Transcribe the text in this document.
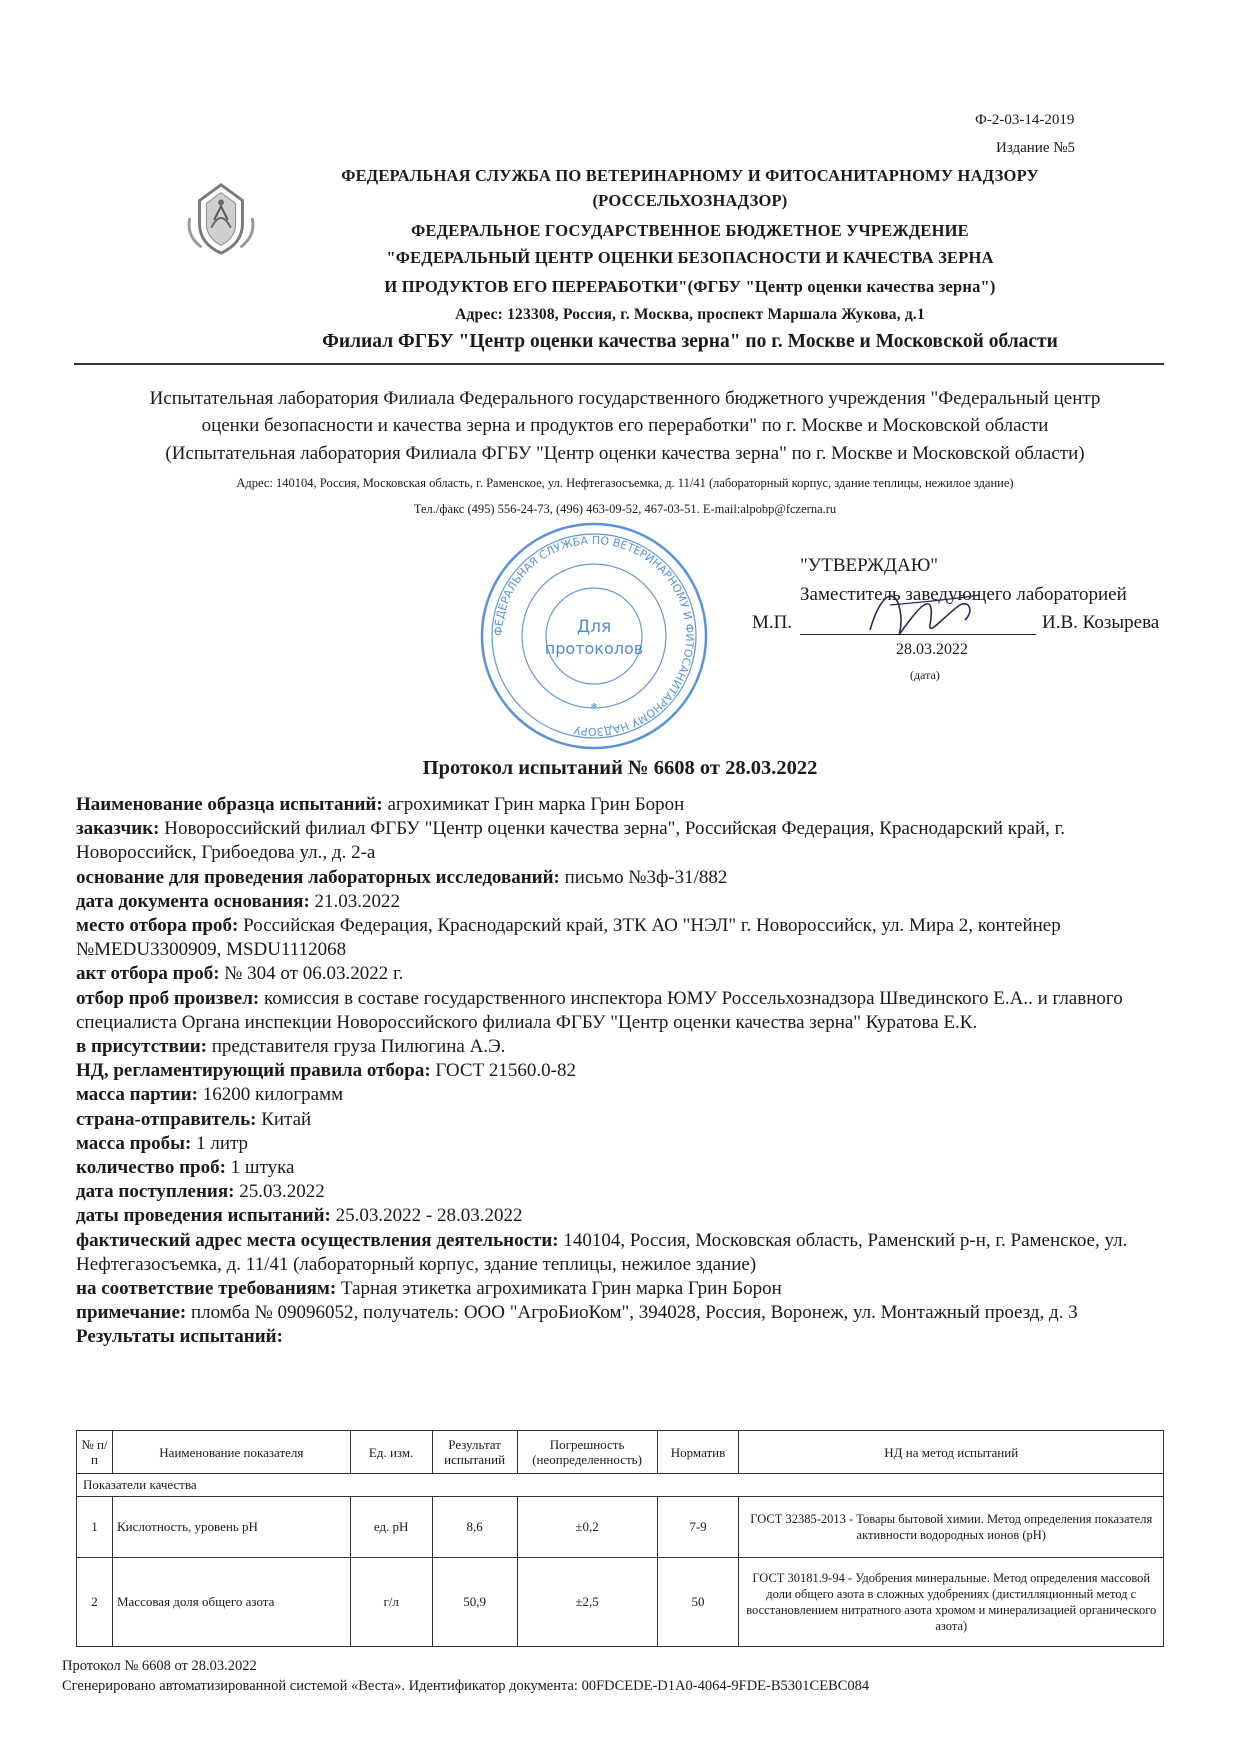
Ф-2-03-14-2019
Издание №5
ФЕДЕРАЛЬНАЯ СЛУЖБА ПО ВЕТЕРИНАРНОМУ И ФИТОСАНИТАРНОМУ НАДЗОРУ
(РОССЕЛЬХОЗНАДЗОР)
ФЕДЕРАЛЬНОЕ ГОСУДАРСТВЕННОЕ БЮДЖЕТНОЕ УЧРЕЖДЕНИЕ
"ФЕДЕРАЛЬНЫЙ ЦЕНТР ОЦЕНКИ БЕЗОПАСНОСТИ И КАЧЕСТВА ЗЕРНА
И ПРОДУКТОВ ЕГО ПЕРЕРАБОТКИ"(ФГБУ "Центр оценки качества зерна")
Адрес: 123308, Россия, г. Москва, проспект Маршала Жукова, д.1
Филиал ФГБУ "Центр оценки качества зерна" по г. Москве и Московской области
Испытательная лаборатория Филиала Федерального государственного бюджетного учреждения "Федеральный центр
оценки безопасности и качества зерна и продуктов его переработки" по г. Москве и Московской области
(Испытательная лаборатория Филиала ФГБУ "Центр оценки качества зерна" по г. Москве и Московской области)
Адрес: 140104, Россия, Московская область, г. Раменское, ул. Нефтегазосъемка, д. 11/41 (лабораторный корпус, здание теплицы, нежилое здание)
Тел./факс (495) 556-24-73, (496) 463-09-52, 467-03-51. E-mail:alpobp@fczerna.ru
ФЕДЕРАЛЬНАЯ СЛУЖБА ПО ВЕТЕРИНАРНОМУ И ФИТОСАНИТАРНОМУ НАДЗОРУ
Для
протоколов
*
"УТВЕРЖДАЮ"
Заместитель заведующего лабораторией
М.П.	И.В. Козырева
28.03.2022
(дата)
Протокол испытаний № 6608 от 28.03.2022

Наименование образца испытаний: агрохимикат Грин марка Грин Борон

заказчик: Новороссийский филиал ФГБУ "Центр оценки качества зерна", Российская Федерация, Краснодарский край, г. Новороссийск, Грибоедова ул., д. 2-а

основание для проведения лабораторных исследований: письмо №3ф-31/882

дата документа основания: 21.03.2022

место отбора проб: Российская Федерация, Краснодарский край, ЗТК АО "НЭЛ" г. Новороссийск, ул. Мира 2, контейнер №MEDU3300909, MSDU1112068

акт отбора проб: № 304 от 06.03.2022 г.

отбор проб произвел: комиссия в составе государственного инспектора ЮМУ Россельхознадзора Швединского Е.А.. и главного специалиста Органа инспекции Новороссийского филиала ФГБУ "Центр оценки качества зерна" Куратова Е.К.

в присутствии: представителя груза Пилюгина А.Э.

НД, регламентирующий правила отбора: ГОСТ 21560.0-82

масса партии: 16200 килограмм

страна-отправитель: Китай

масса пробы: 1 литр

количество проб: 1 штука

дата поступления: 25.03.2022

даты проведения испытаний: 25.03.2022 - 28.03.2022

фактический адрес места осуществления деятельности: 140104, Россия, Московская область, Раменский р-н, г. Раменское, ул. Нефтегазосъемка, д. 11/41 (лабораторный корпус, здание теплицы, нежилое здание)

на соответствие требованиям: Тарная этикетка агрохимиката Грин марка Грин Борон

примечание: пломба № 09096052, получатель: ООО "АгроБиоКом", 394028, Россия, Воронеж, ул. Монтажный проезд, д. 3

Результаты испытаний:

№ п/п	Наименование показателя	Ед. изм.	Результат испытаний	Погрешность (неопределенность)	Норматив	НД на метод испытаний
Показатели качества						
1	Кислотность, уровень pH	ед. pH	8,6	±0,2	7-9	ГОСТ 32385-2013 - Товары бытовой химии. Метод определения показателя активности водородных ионов (pH)
2	Массовая доля общего азота	г/л	50,9	±2,5	50	ГОСТ 30181.9-94 - Удобрения минеральные. Метод определения массовой доли общего азота в сложных удобрениях (дистилляционный метод с восстановлением нитратного азота хромом и минерализацией органического азота)
Протокол № 6608 от 28.03.2022
Сгенерировано автоматизированной системой «Веста». Идентификатор документа: 00FDCEDE-D1A0-4064-9FDE-B5301CEBC084
